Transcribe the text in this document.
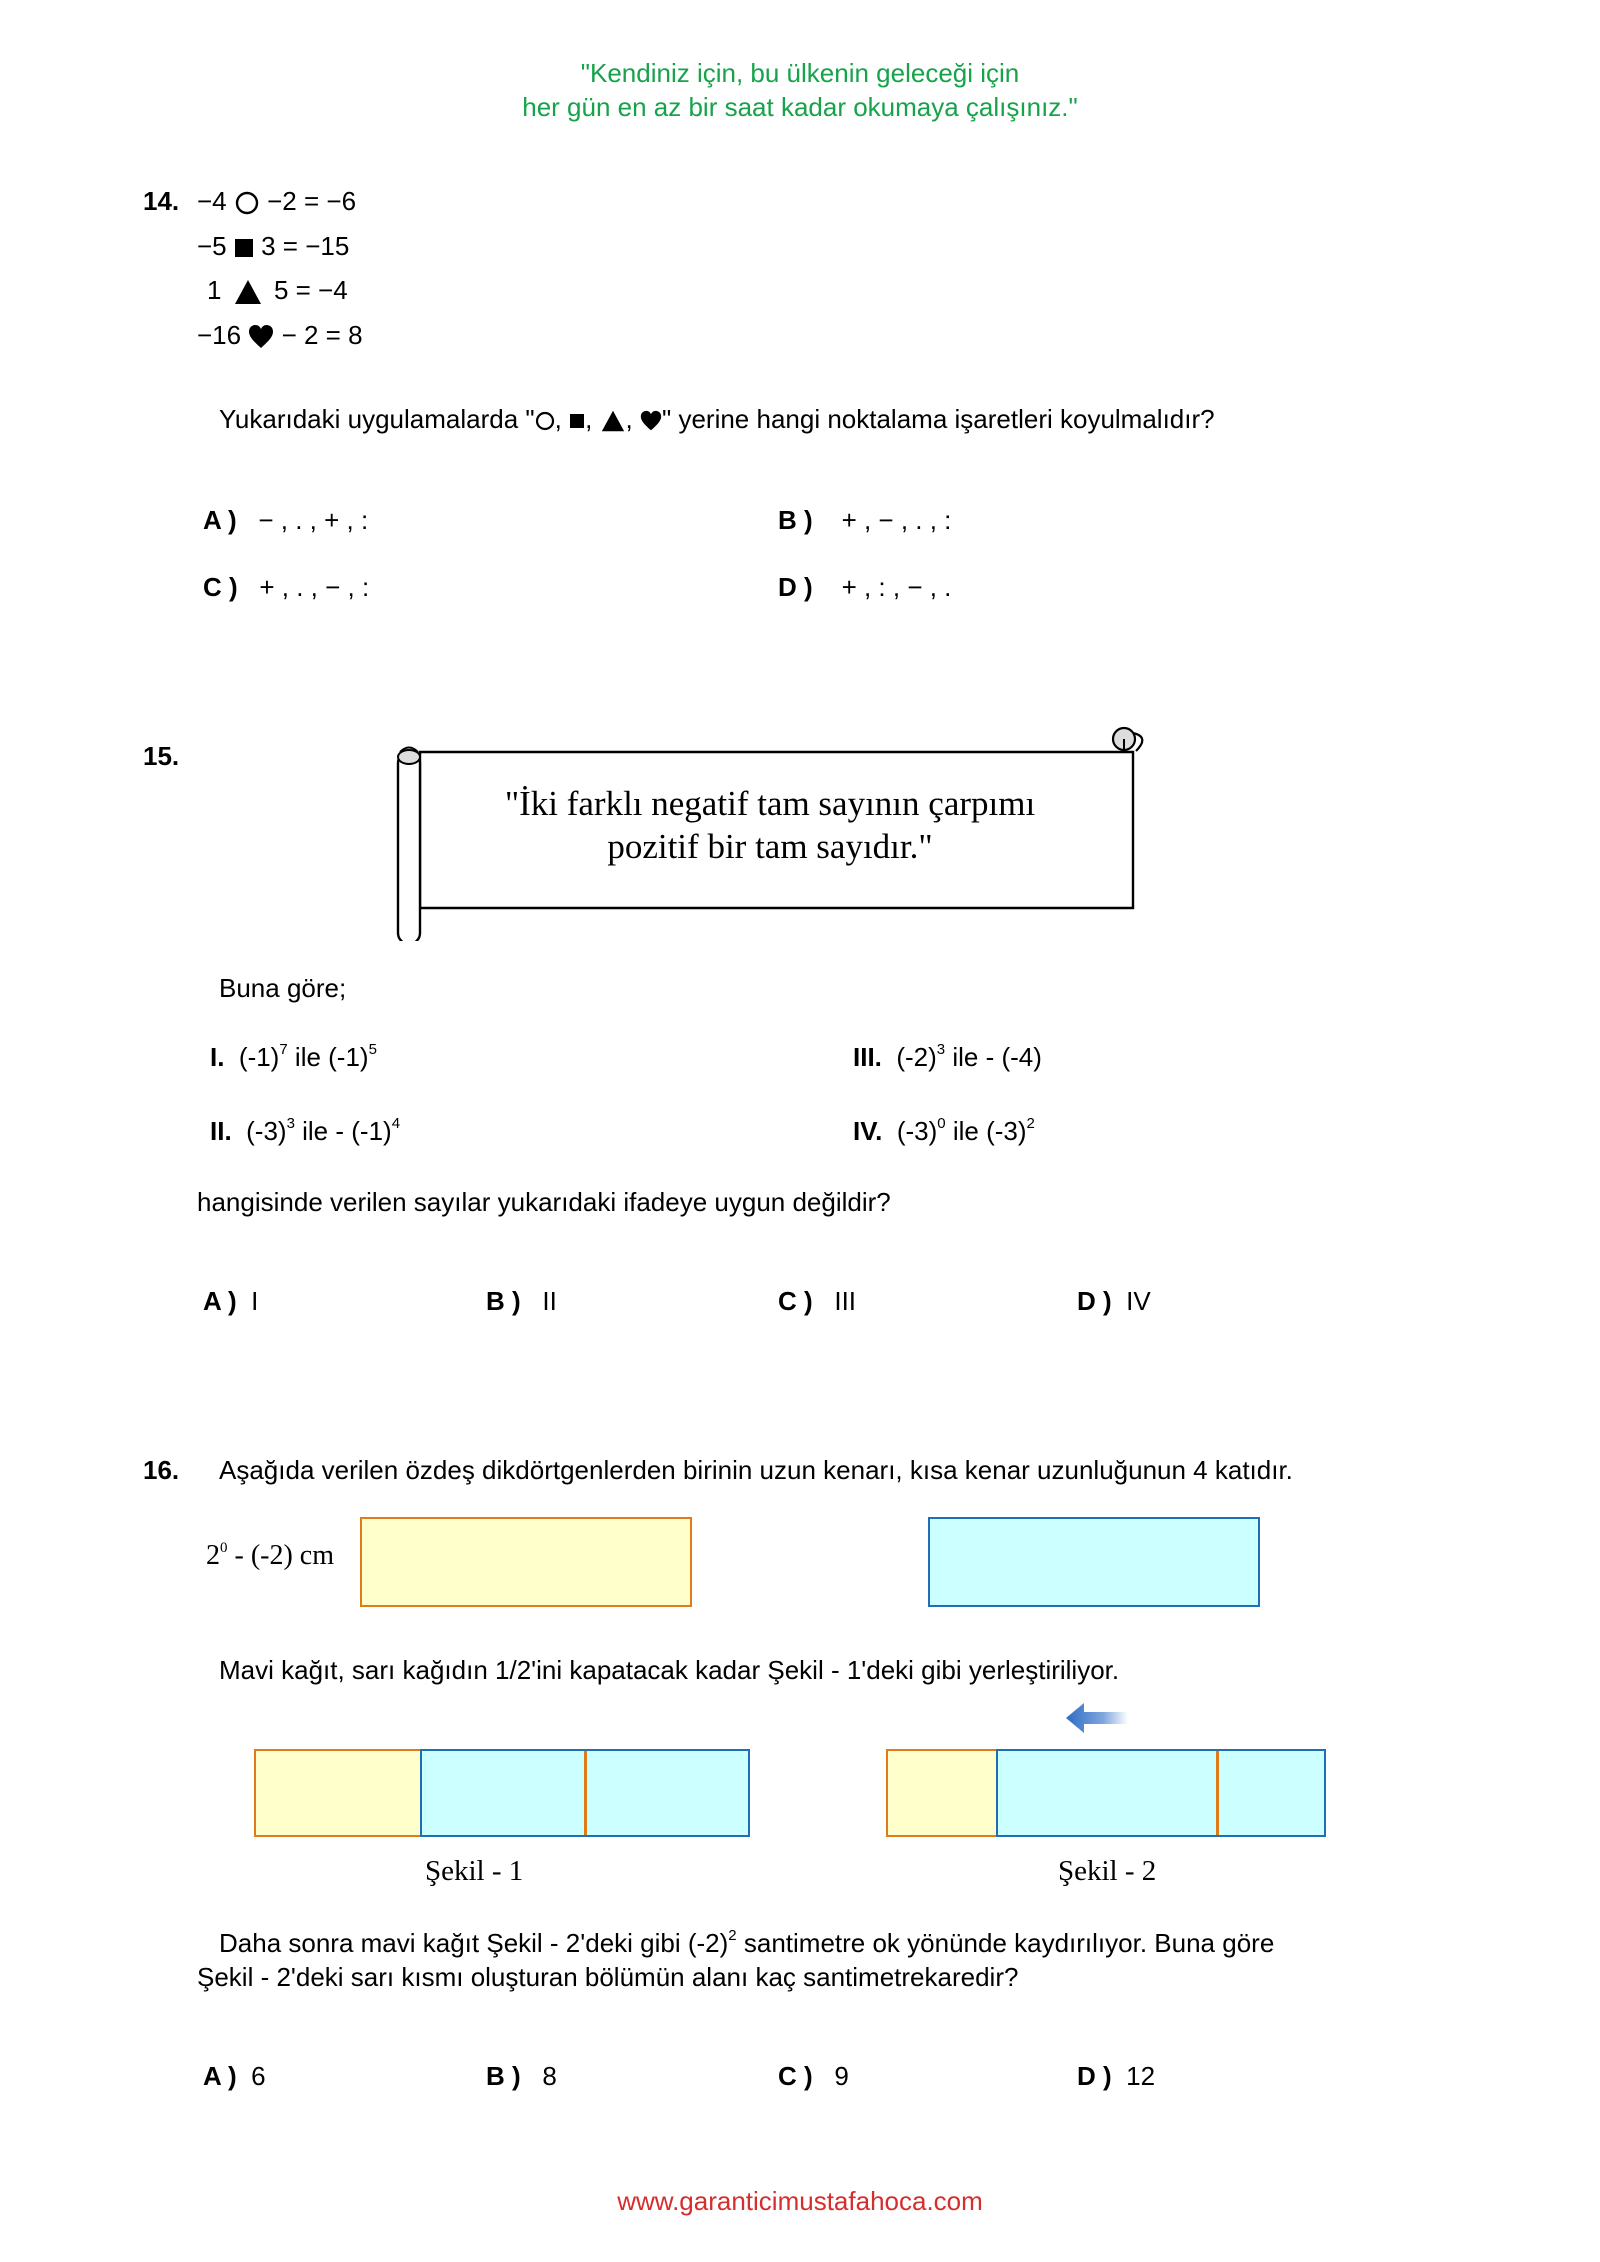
"Kendiniz için, bu ülkenin geleceği için
her gün en az bir saat kadar okumaya çalışınız."
14. −4 −2 = −6
−5 3 = −15
1 5 = −4
−16 − 2 = 8
Yukarıdaki uygulamalarda " , , , " yerine hangi noktalama işaretleri koyulmalıdır?
A ) − , . , + , :	B ) + , − , . , :
C ) + , . , − , :	D ) + , : , − , .
15.
"İki farklı negatif tam sayının çarpımı
pozitif bir tam sayıdır."
Buna göre;
I. $(-1)^7$ ile $(-1)^5$
II. $(-3)^3$ ile - $(-1)^4$
III. $(-2)^3$ ile - (-4)
IV. $(-3)^0$ ile $(-3)^2$
hangisinde verilen sayılar yukarıdaki ifadeye uygun değildir?
A ) I	B ) II	C ) III	D ) IV
16. Aşağıda verilen özdeş dikdörtgenlerden birinin uzun kenarı, kısa kenar uzunluğunun 4 katıdır.
$2^0 - (-2)$ cm
Mavi kağıt, sarı kağıdın 1/2'ini kapatacak kadar Şekil - 1'deki gibi yerleştiriliyor.
Şekil - 1	Şekil - 2
Daha sonra mavi kağıt Şekil - 2'deki gibi $(-2)^2$ santimetre ok yönünde kaydırılıyor. Buna göre
Şekil - 2'deki sarı kısmı oluşturan bölümün alanı kaç santimetrekaredir?
A ) 6	B ) 8	C ) 9	D ) 12
www.garanticimustafahoca.com
